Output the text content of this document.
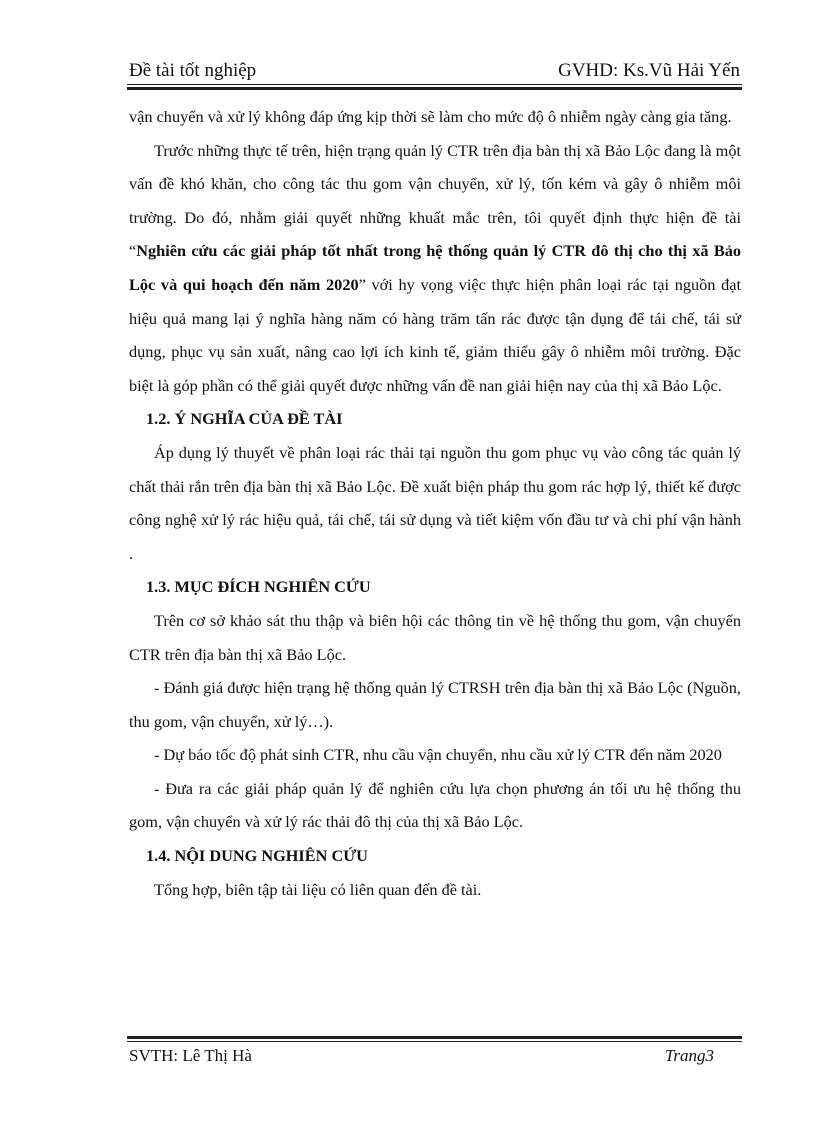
Đề tài tốt nghiệp	GVHD: Ks.Vũ Hải Yến

vận chuyển và xử lý không đáp ứng kịp thời sẽ làm cho mức độ ô nhiễm ngày càng gia tăng.

Trước những thực tế trên, hiện trạng quản lý CTR trên địa bàn thị xã Bảo Lộc đang là một vấn đề khó khăn, cho công tác thu gom vận chuyển, xử lý, tốn kém và gây ô nhiễm môi trường. Do đó, nhằm giải quyết những khuất mắc trên, tôi quyết định thực hiện đề tài “Nghiên cứu các giải pháp tốt nhất trong hệ thống quản lý CTR đô thị cho thị xã Bảo Lộc và qui hoạch đến năm 2020” với hy vọng việc thực hiện phân loại rác tại nguồn đạt hiệu quả mang lại ý nghĩa hàng năm có hàng trăm tấn rác được tận dụng để tái chế, tái sử dụng, phục vụ sản xuất, nâng cao lợi ích kinh tế, giảm thiểu gây ô nhiễm môi trường. Đặc biệt là góp phần có thể giải quyết được những vấn đề nan giải hiện nay của thị xã Bảo Lộc.

1.2. Ý NGHĨA CỦA ĐỀ TÀI

Áp dụng lý thuyết về phân loại rác thải tại nguồn thu gom phục vụ vào công tác quản lý chất thải rắn trên địa bàn thị xã Bảo Lộc. Đề xuất biện pháp thu gom rác hợp lý, thiết kế được công nghệ xử lý rác hiệu quả, tái chế, tái sử dụng và tiết kiệm vốn đầu tư và chi phí vận hành .

1.3. MỤC ĐÍCH NGHIÊN CỨU

Trên cơ sở khảo sát thu thập và biên hội các thông tin về hệ thống thu gom, vận chuyển CTR trên địa bàn thị xã Bảo Lộc.

- Đánh giá được hiện trạng hệ thống quản lý CTRSH trên địa bàn thị xã Bảo Lộc (Nguồn, thu gom, vận chuyển, xử lý…).

- Dự báo tốc độ phát sinh CTR, nhu cầu vận chuyển, nhu cầu xử lý CTR đến năm 2020

- Đưa ra các giải pháp quản lý để nghiên cứu lựa chọn phương án tối ưu hệ thống thu gom, vận chuyển và xử lý rác thải đô thị của thị xã Bảo Lộc.

1.4. NỘI DUNG NGHIÊN CỨU

Tổng hợp, biên tập tài liệu có liên quan đến đề tài.

SVTH: Lê Thị Hà	Trang3
